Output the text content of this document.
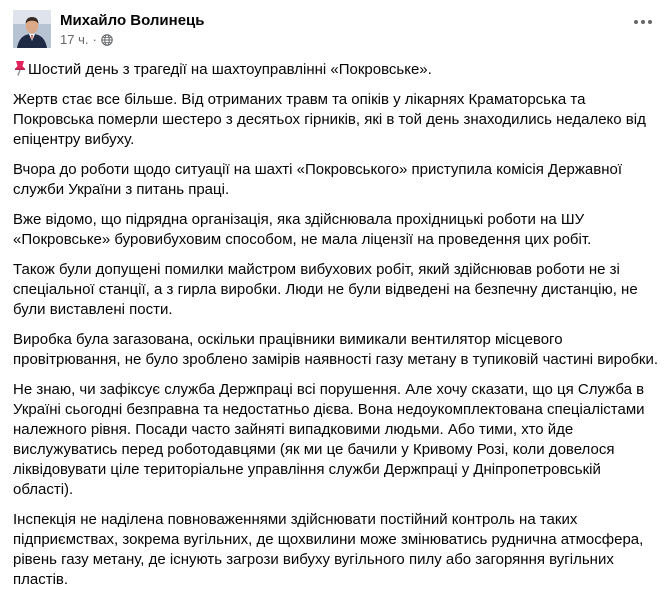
Михайло Волинець
17 ч. ·

Шостий день з трагедії на шахтоуправлінні «Покровське».

Жертв стає все більше. Від отриманих травм та опіків у лікарнях Краматорська та Покровська померли шестеро з десятьох гірників, які в той день знаходились недалеко від епіцентру вибуху.

Вчора до роботи щодо ситуації на шахті «Покровського» приступила комісія Державної служби України з питань праці.

Вже відомо, що підрядна організація, яка здійснювала прохідницькі роботи на ШУ «Покровське» буровибуховим способом, не мала ліцензії на проведення цих робіт.

Також були допущені помилки майстром вибухових робіт, який здійснював роботи не зі спеціальної станції, а з гирла виробки. Люди не були відведені на безпечну дистанцію, не були виставлені пости.

Виробка була загазована, оскільки працівники вимикали вентилятор місцевого провітрювання, не було зроблено замірів наявності газу метану в тупиковій частині виробки.

Не знаю, чи зафіксує служба Держпраці всі порушення. Але хочу сказати, що ця Служба в Україні сьогодні безправна та недостатньо дієва. Вона недоукомплектована спеціалістами належного рівня. Посади часто зайняті випадковими людьми. Або тими, хто йде вислужуватись перед роботодавцями (як ми це бачили у Кривому Розі, коли довелося ліквідовувати ціле територіальне управління служби Держпраці у Дніпропетровській області).

Інспекція не наділена повноваженнями здійснювати постійний контроль на таких підприємствах, зокрема вугільних, де щохвилини може змінюватись руднична атмосфера, рівень газу метану, де існують загрози вибуху вугільного пилу або загоряння вугільних пластів.
